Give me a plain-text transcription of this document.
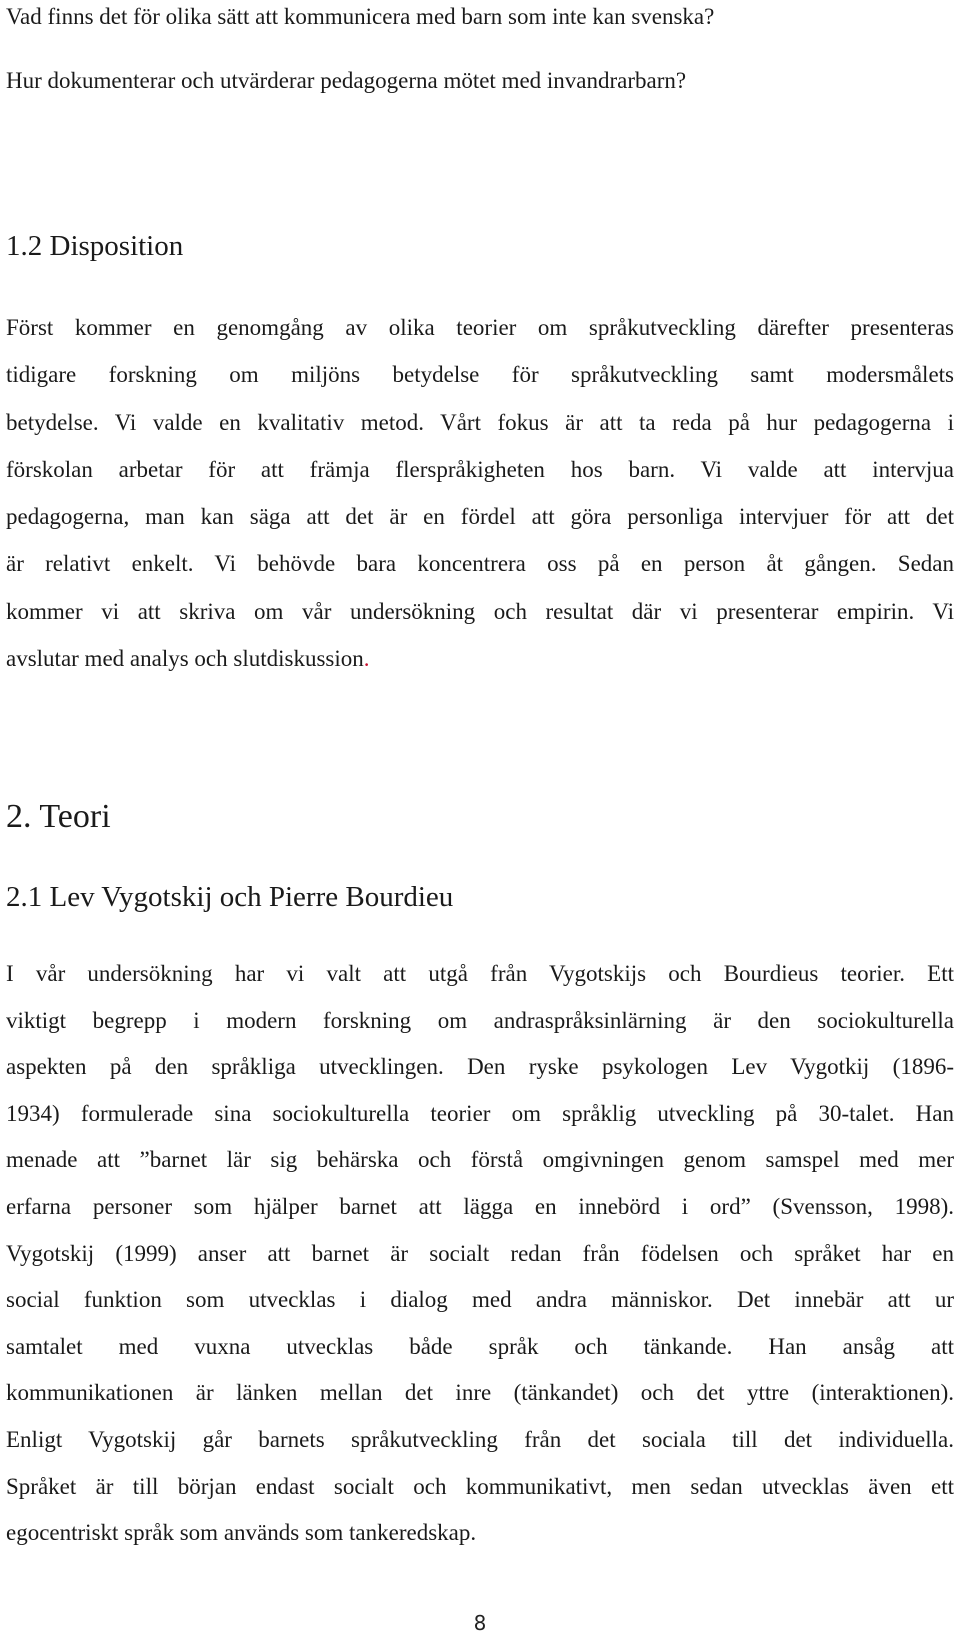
Vad finns det för olika sätt att kommunicera med barn som inte kan svenska?

Hur dokumenterar och utvärderar pedagogerna mötet med invandrarbarn?

1.2 Disposition

Först kommer en genomgång av olika teorier om språkutveckling därefter presenteras
tidigare forskning om miljöns betydelse för språkutveckling samt modersmålets
betydelse. Vi valde en kvalitativ metod. Vårt fokus är att ta reda på hur pedagogerna i
förskolan arbetar för att främja flerspråkigheten hos barn. Vi valde att intervjua
pedagogerna, man kan säga att det är en fördel att göra personliga intervjuer för att det
är relativt enkelt. Vi behövde bara koncentrera oss på en person åt gången. Sedan
kommer vi att skriva om vår undersökning och resultat där vi presenterar empirin. Vi
avslutar med analys och slutdiskussion.

2. Teori
2.1 Lev Vygotskij och Pierre Bourdieu

I vår undersökning har vi valt att utgå från Vygotskijs och Bourdieus teorier. Ett
viktigt begrepp i modern forskning om andraspråksinlärning är den sociokulturella
aspekten på den språkliga utvecklingen. Den ryske psykologen Lev Vygotkij (1896-
1934) formulerade sina sociokulturella teorier om språklig utveckling på 30-talet. Han
menade att ”barnet lär sig behärska och förstå omgivningen genom samspel med mer
erfarna personer som hjälper barnet att lägga en innebörd i ord” (Svensson, 1998).
Vygotskij (1999) anser att barnet är socialt redan från födelsen och språket har en
social funktion som utvecklas i dialog med andra människor. Det innebär att ur
samtalet med vuxna utvecklas både språk och tänkande. Han ansåg att
kommunikationen är länken mellan det inre (tänkandet) och det yttre (interaktionen).
Enligt Vygotskij går barnets språkutveckling från det sociala till det individuella.
Språket är till början endast socialt och kommunikativt, men sedan utvecklas även ett
egocentriskt språk som används som tankeredskap.

8
